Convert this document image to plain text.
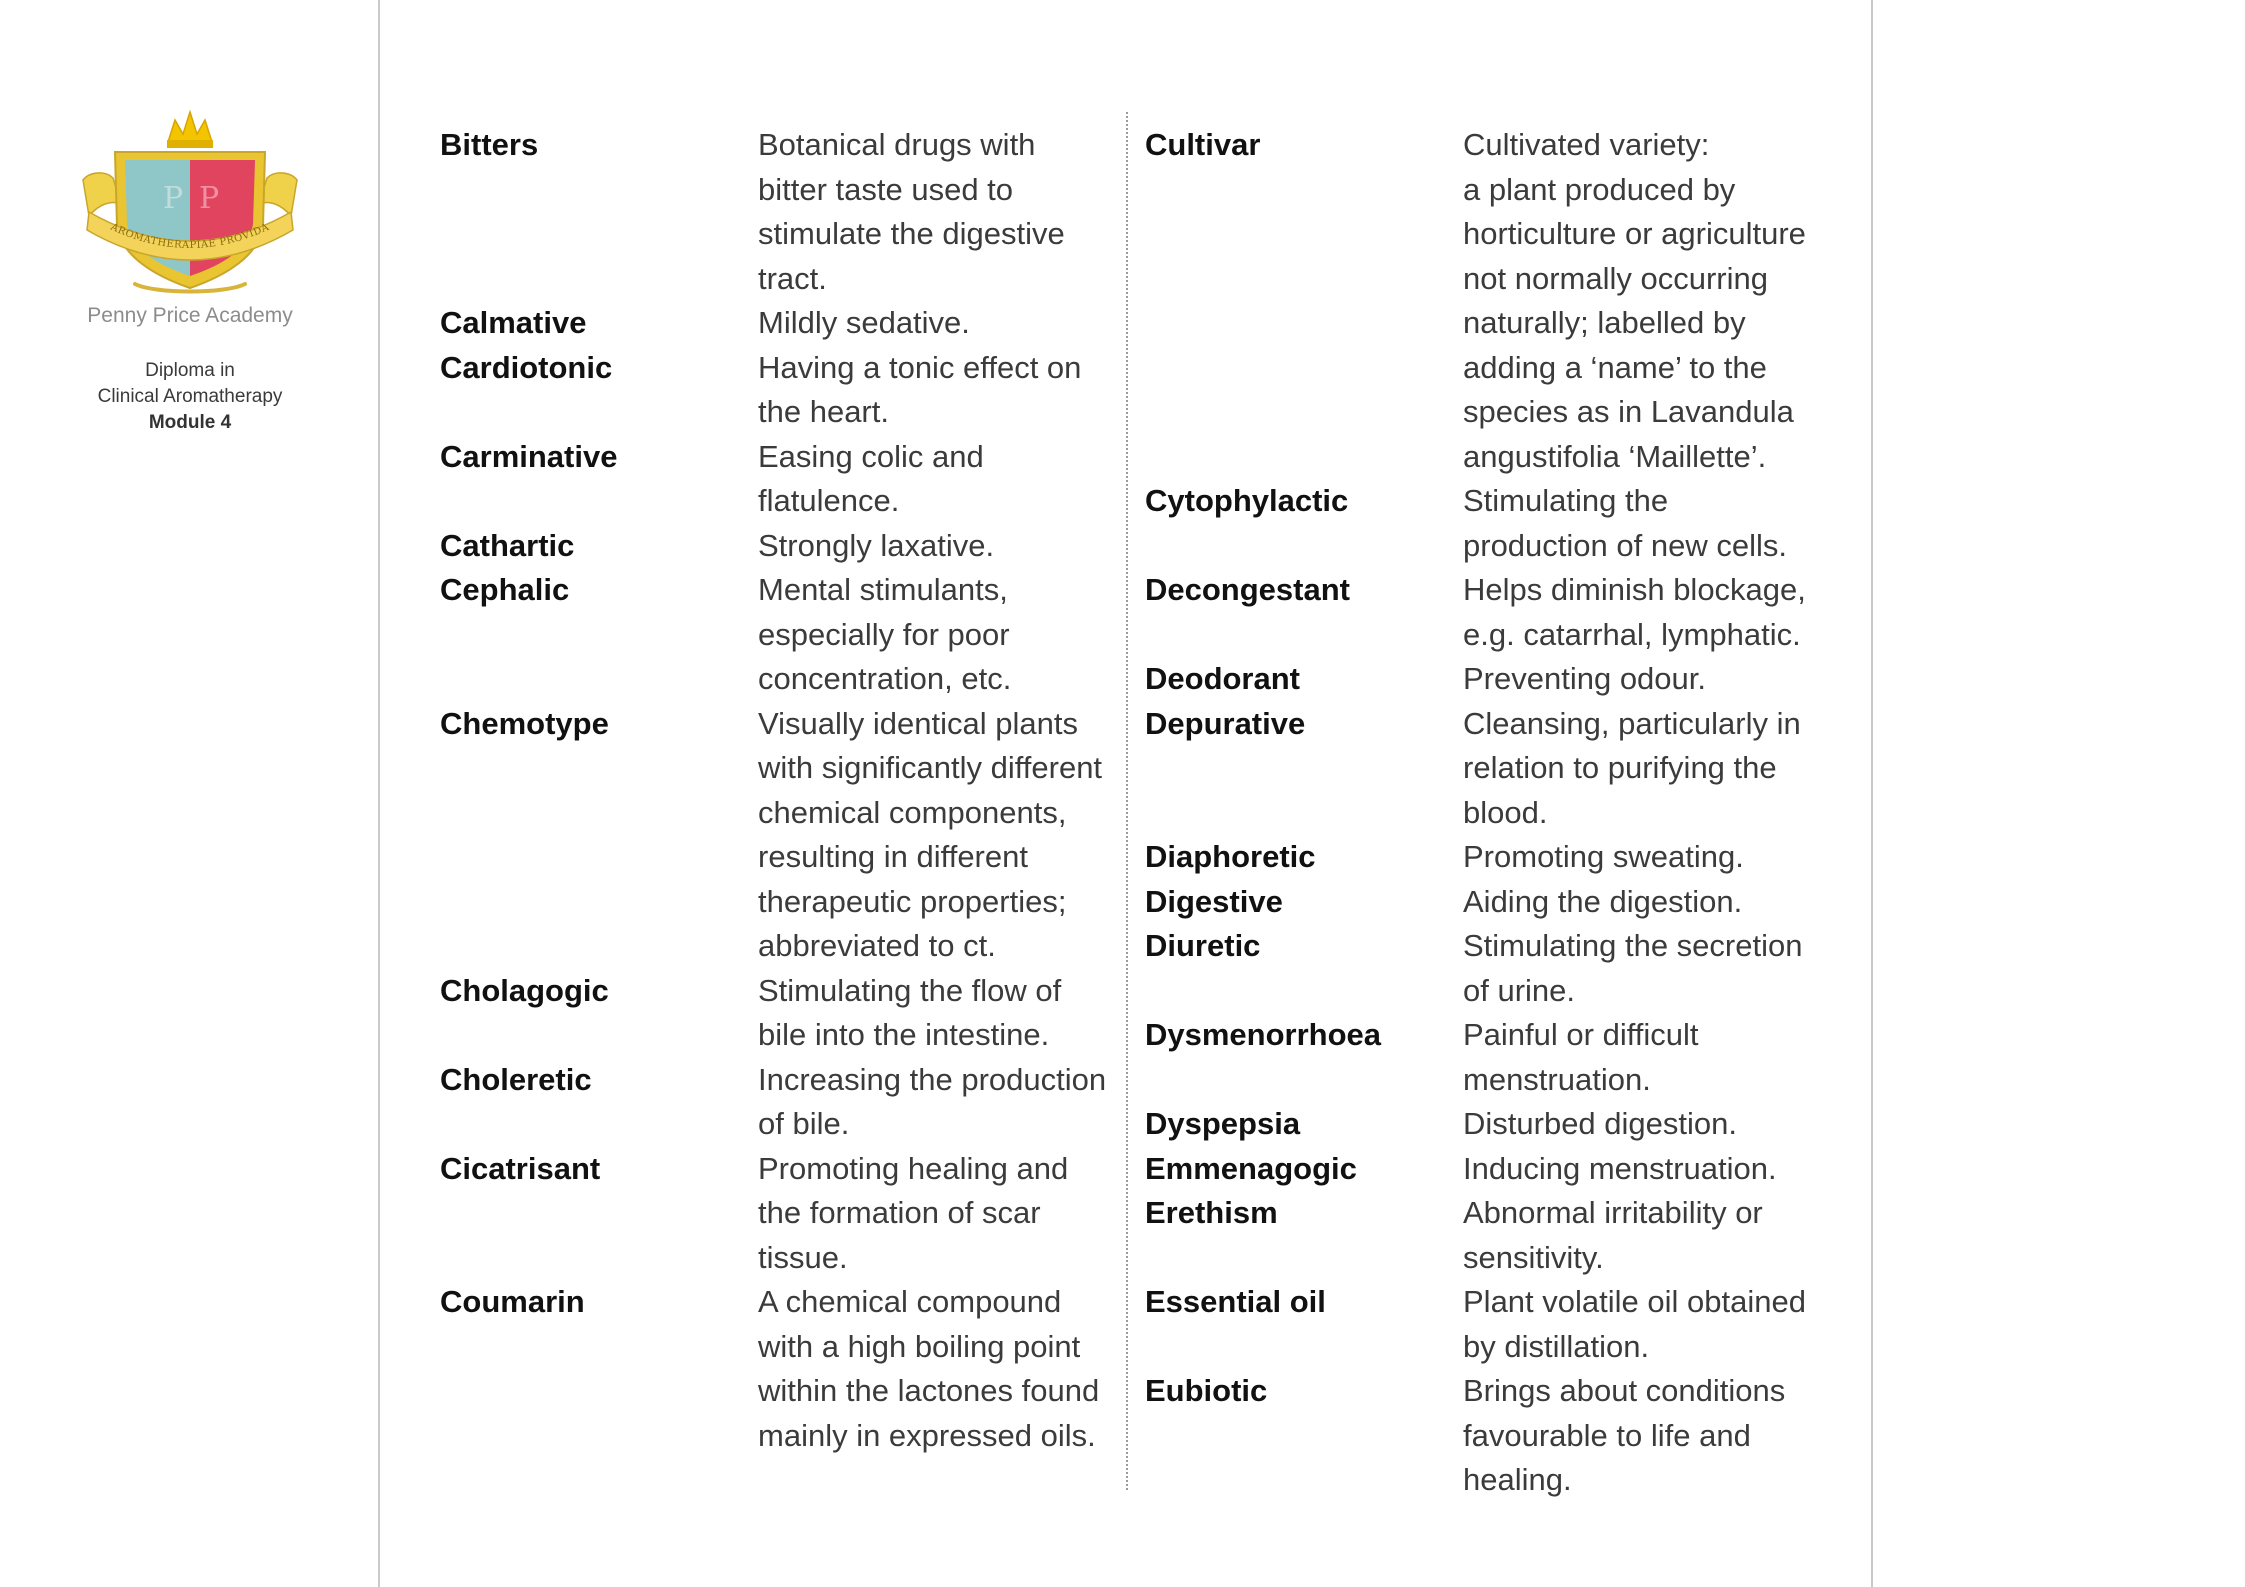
P P
AROMATHERAPIAE PROVIDA
Penny Price Academy
Diploma in
Clinical Aromatherapy
Module 4
Bitters	Botanical drugs with
bitter taste used to
stimulate the digestive
tract.
Calmative	Mildly sedative.
Cardiotonic	Having a tonic effect on
the heart.
Carminative	Easing colic and
flatulence.
Cathartic	Strongly laxative.
Cephalic	Mental stimulants,
especially for poor
concentration, etc.
Chemotype	Visually identical plants
with significantly different
chemical components,
resulting in different
therapeutic properties;
abbreviated to ct.
Cholagogic	Stimulating the flow of
bile into the intestine.
Choleretic	Increasing the production
of bile.
Cicatrisant	Promoting healing and
the formation of scar
tissue.
Coumarin	A chemical compound
with a high boiling point
within the lactones found
mainly in expressed oils.
Cultivar	Cultivated variety:
a plant produced by
horticulture or agriculture
not normally occurring
naturally; labelled by
adding a ‘name’ to the
species as in Lavandula
angustifolia ‘Maillette’.
Cytophylactic	Stimulating the
production of new cells.
Decongestant	Helps diminish blockage,
e.g. catarrhal, lymphatic.
Deodorant	Preventing odour.
Depurative	Cleansing, particularly in
relation to purifying the
blood.
Diaphoretic	Promoting sweating.
Digestive	Aiding the digestion.
Diuretic	Stimulating the secretion
of urine.
Dysmenorrhoea	Painful or difficult
menstruation.
Dyspepsia	Disturbed digestion.
Emmenagogic	Inducing menstruation.
Erethism	Abnormal irritability or
sensitivity.
Essential oil	Plant volatile oil obtained
by distillation.
Eubiotic	Brings about conditions
favourable to life and
healing.
